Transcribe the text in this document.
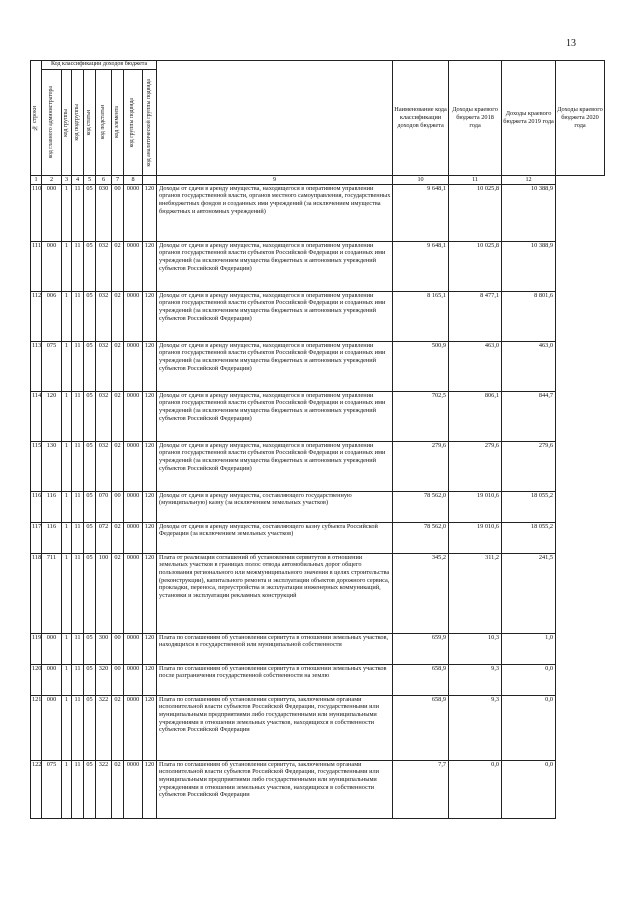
13
№ строки	Код классификации доходов бюджета									Наименование кода классификации доходов бюджета	Доходы краевого бюджета 2018 года	Доходы краевого бюджета 2019 года	Доходы краевого бюджета 2020 года

	код главного администратора	код группы	код подгруппы	код статьи	код подстатьи	код элемента	код группы подвида	код аналитической группы подвида					

1	2	3	4	5	6	7	8		9	10	11	12	
110	000	1	11	05	030	00	0000	120	Доходы от сдачи в аренду имущества, находящегося в оперативном управлении органов государственной власти, органов местного самоуправления, государственных внебюджетных фондов и созданных ими учреждений (за исключением имущества бюджетных и автономных учреждений)	9 648,1	10 025,8	10 388,9	
111	000	1	11	05	032	02	0000	120	Доходы от сдачи в аренду имущества, находящегося в оперативном управлении органов государственной власти субъектов Российской Федерации и созданных ими учреждений (за исключением имущества бюджетных и автономных учреждений субъектов Российской Федерации)	9 648,1	10 025,8	10 388,9	
112	006	1	11	05	032	02	0000	120	Доходы от сдачи в аренду имущества, находящегося в оперативном управлении органов государственной власти субъектов Российской Федерации и созданных ими учреждений (за исключением имущества бюджетных и автономных учреждений субъектов Российской Федерации)	8 165,1	8 477,1	8 801,6	
113	075	1	11	05	032	02	0000	120	Доходы от сдачи в аренду имущества, находящегося в оперативном управлении органов государственной власти субъектов Российской Федерации и созданных ими учреждений (за исключением имущества бюджетных и автономных учреждений субъектов Российской Федерации)	500,9	463,0	463,0	
114	120	1	11	05	032	02	0000	120	Доходы от сдачи в аренду имущества, находящегося в оперативном управлении органов государственной власти субъектов Российской Федерации и созданных ими учреждений (за исключением имущества бюджетных и автономных учреждений субъектов Российской Федерации)	702,5	806,1	844,7	
115	130	1	11	05	032	02	0000	120	Доходы от сдачи в аренду имущества, находящегося в оперативном управлении органов государственной власти субъектов Российской Федерации и созданных ими учреждений (за исключением имущества бюджетных и автономных учреждений субъектов Российской Федерации)	279,6	279,6	279,6	
116	116	1	11	05	070	00	0000	120	Доходы от сдачи в аренду имущества, составляющего государственную (муниципальную) казну (за исключением земельных участков)	78 562,0	19 010,6	18 055,2	
117	116	1	11	05	072	02	0000	120	Доходы от сдачи в аренду имущества, составляющего казну субъекта Российской Федерации (за исключением земельных участков)	78 562,0	19 010,6	18 055,2	
118	711	1	11	05	100	02	0000	120	Плата от реализации соглашений об установлении сервитутов в отношении земельных участков в границах полос отвода автомобильных дорог общего пользования регионального или межмуниципального значения в целях строительства (реконструкции), капитального ремонта и эксплуатации объектов дорожного сервиса, прокладки, переноса, переустройства и эксплуатации инженерных коммуникаций, установки и эксплуатации рекламных конструкций	345,2	311,2	241,5	
119	000	1	11	05	300	00	0000	120	Плата по соглашениям об установлении сервитута в отношении земельных участков, находящихся в государственной или муниципальной собственности	659,9	10,3	1,0	
120	000	1	11	05	320	00	0000	120	Плата по соглашениям об установлении сервитута в отношении земельных участков после разграничения государственной собственности на землю	658,9	9,3	0,0	
121	000	1	11	05	322	02	0000	120	Плата по соглашениям об установлении сервитута, заключенным органами исполнительной власти субъектов Российской Федерации, государственными или муниципальными предприятиями либо государственными или муниципальными учреждениями в отношении земельных участков, находящихся в собственности субъектов Российской Федерации	658,9	9,3	0,0	
122	075	1	11	05	322	02	0000	120	Плата по соглашениям об установлении сервитута, заключенным органами исполнительной власти субъектов Российской Федерации, государственными или муниципальными предприятиями либо государственными или муниципальными учреждениями в отношении земельных участков, находящихся в собственности субъектов Российской Федерации	7,7	0,0	0,0	
